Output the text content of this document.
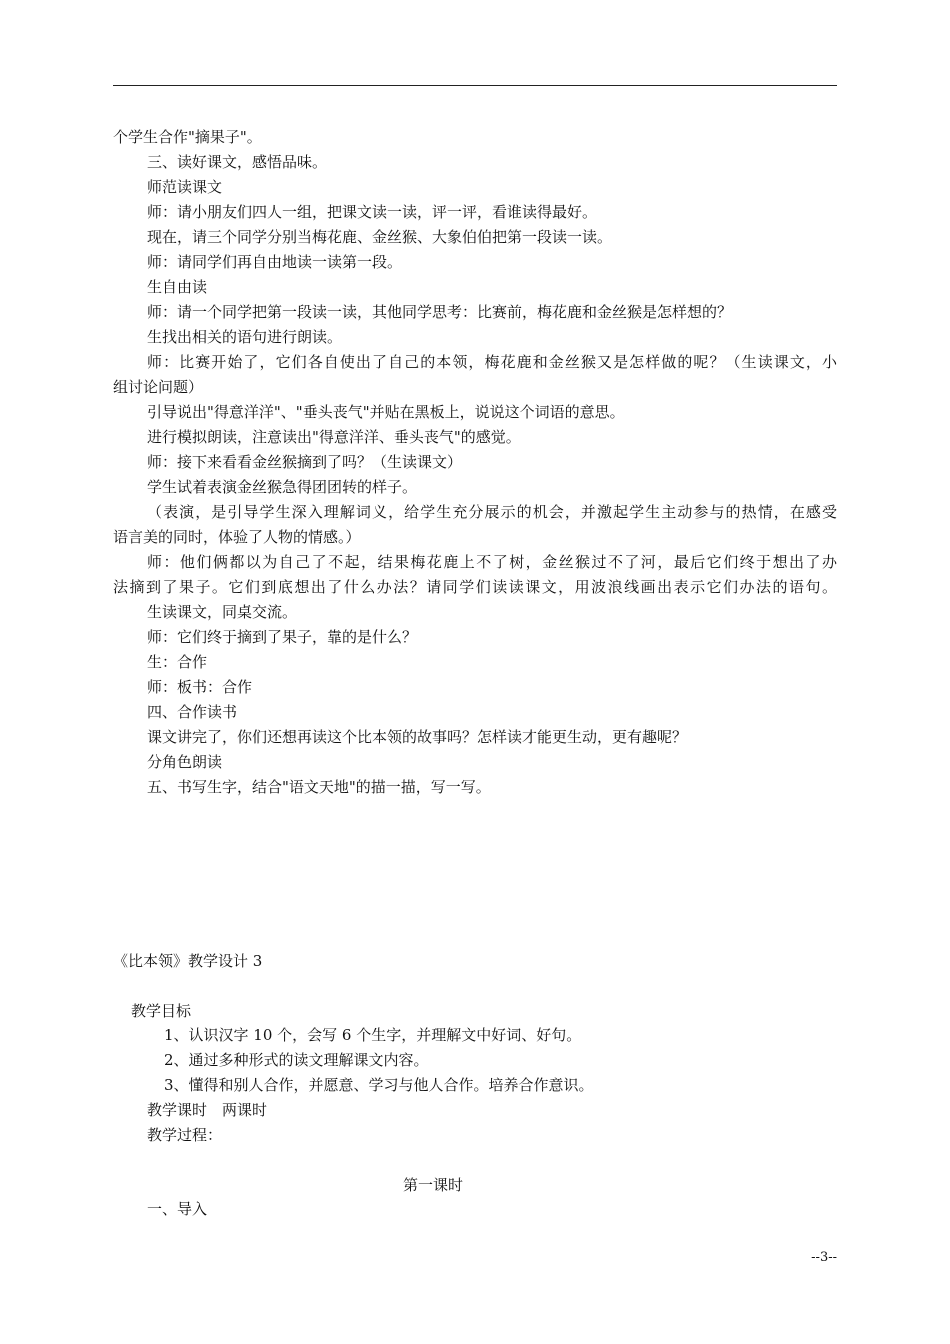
个学生合作"摘果子"。
三、读好课文，感悟品味。
师范读课文
师：请小朋友们四人一组，把课文读一读，评一评，看谁读得最好。
现在，请三个同学分别当梅花鹿、金丝猴、大象伯伯把第一段读一读。
师：请同学们再自由地读一读第一段。
生自由读
师：请一个同学把第一段读一读，其他同学思考：比赛前，梅花鹿和金丝猴是怎样想的？
生找出相关的语句进行朗读。
师：比赛开始了，它们各自使出了自己的本领，梅花鹿和金丝猴又是怎样做的呢？（生读课文，小
组讨论问题）
引导说出"得意洋洋"、"垂头丧气"并贴在黑板上，说说这个词语的意思。
进行模拟朗读，注意读出"得意洋洋、垂头丧气"的感觉。
师：接下来看看金丝猴摘到了吗？（生读课文）
学生试着表演金丝猴急得团团转的样子。
（表演，是引导学生深入理解词义，给学生充分展示的机会，并激起学生主动参与的热情，在感受
语言美的同时，体验了人物的情感。）
师：他们俩都以为自己了不起，结果梅花鹿上不了树，金丝猴过不了河，最后它们终于想出了办
法摘到了果子。它们到底想出了什么办法？请同学们读读课文，用波浪线画出表示它们办法的语句。
生读课文，同桌交流。
师：它们终于摘到了果子，靠的是什么？
生：合作
师：板书：合作
四、合作读书
课文讲完了，你们还想再读这个比本领的故事吗？怎样读才能更生动，更有趣呢？
分角色朗读
五、书写生字，结合"语文天地"的描一描，写一写。
《比本领》教学设计 3
教学目标
1、认识汉字 10 个，会写 6 个生字，并理解文中好词、好句。
2、通过多种形式的读文理解课文内容。
3、懂得和别人合作，并愿意、学习与他人合作。培养合作意识。
教学课时　两课时
教学过程：
第一课时
一、导入
--3--
